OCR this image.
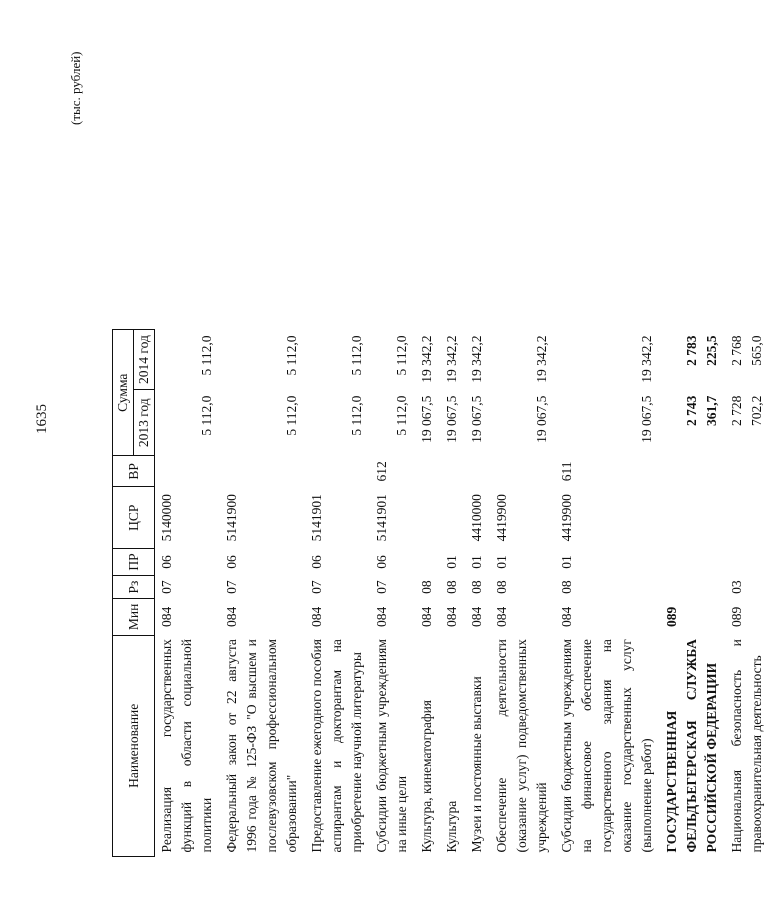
1635
(тыс. рублей)
Наименование	Мин	Рз	ПР	ЦСР	ВР	Сумма	
						2013 год	2014 год
Реализация государственных функций в области социальной политики	084	07	06	5140000		5 112,0	5 112,0
Федеральный закон от 22 августа 1996 года № 125-ФЗ "О высшем и послевузовском профессиональном образовании"	084	07	06	5141900		5 112,0	5 112,0
Предоставление ежегодного пособия аспирантам и докторантам на приобретение научной литературы	084	07	06	5141901		5 112,0	5 112,0
Субсидии бюджетным учреждениям на иные цели	084	07	06	5141901	612	5 112,0	5 112,0
Культура, кинематография	084	08				19 067,5	19 342,2
Культура	084	08	01			19 067,5	19 342,2
Музеи и постоянные выставки	084	08	01	4410000		19 067,5	19 342,2
Обеспечение деятельности (оказание услуг) подведомственных учреждений	084	08	01	4419900		19 067,5	19 342,2
Субсидии бюджетным учреждениям на финансовое обеспечение государственного задания на оказание государственных услуг (выполнение работ)	084	08	01	4419900	611	19 067,5	19 342,2
ГОСУДАРСТВЕННАЯ ФЕЛЬДЪЕГЕРСКАЯ СЛУЖБА РОССИЙСКОЙ ФЕДЕРАЦИИ	089					2 743 361,7	2 783 225,5
Национальная безопасность и правоохранительная деятельность	089	03				2 728 702,2	2 768 565,0
